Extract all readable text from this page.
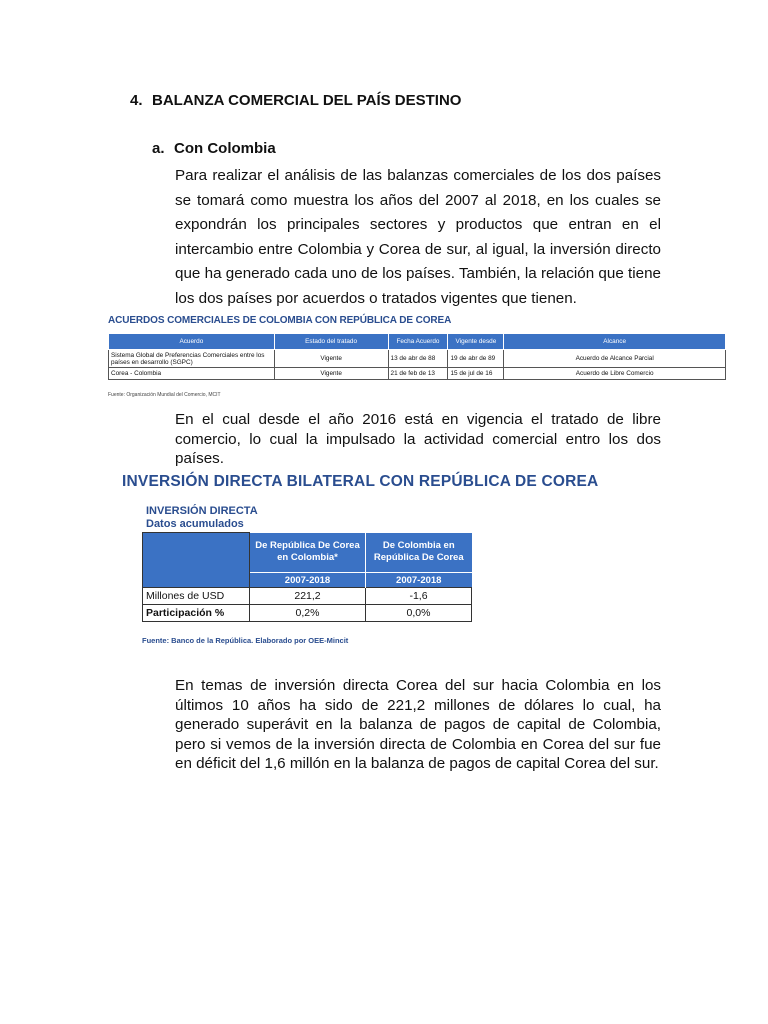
4. BALANZA COMERCIAL DEL PAÍS DESTINO
a. Con Colombia
Para realizar el análisis de las balanzas comerciales de los dos países se tomará como muestra los años del 2007 al 2018, en los cuales se expondrán los principales sectores y productos que entran en el intercambio entre Colombia y Corea de sur, al igual, la inversión directo que ha generado cada uno de los países. También, la relación que tiene los dos países por acuerdos o tratados vigentes que tienen.
ACUERDOS COMERCIALES DE COLOMBIA CON REPÚBLICA DE COREA
Acuerdo	Estado del tratado	Fecha Acuerdo	Vigente desde	Alcance
Sistema Global de Preferencias Comerciales entre los países en desarrollo (SGPC)	Vigente	13 de abr de 88	19 de abr de 89	Acuerdo de Alcance Parcial
Corea - Colombia	Vigente	21 de feb de 13	15 de jul de 16	Acuerdo de Libre Comercio
Fuente: Organización Mundial del Comercio, MCIT
En el cual desde el año 2016 está en vigencia el tratado de libre comercio, lo cual la impulsado la actividad comercial entro los dos países.
INVERSIÓN DIRECTA BILATERAL CON REPÚBLICA DE COREA
INVERSIÓN DIRECTA
Datos acumulados
	De República De Corea en Colombia*	De Colombia en República De Corea
	2007-2018	2007-2018
Millones de USD	221,2	-1,6
Participación %	0,2%	0,0%
Fuente: Banco de la República. Elaborado por OEE-Mincit
En temas de inversión directa Corea del sur hacia Colombia en los últimos 10 años ha sido de 221,2 millones de dólares lo cual, ha generado superávit en la balanza de pagos de capital de Colombia, pero si vemos de la inversión directa de Colombia en Corea del sur fue en déficit del 1,6 millón en la balanza de pagos de capital Corea del sur.
